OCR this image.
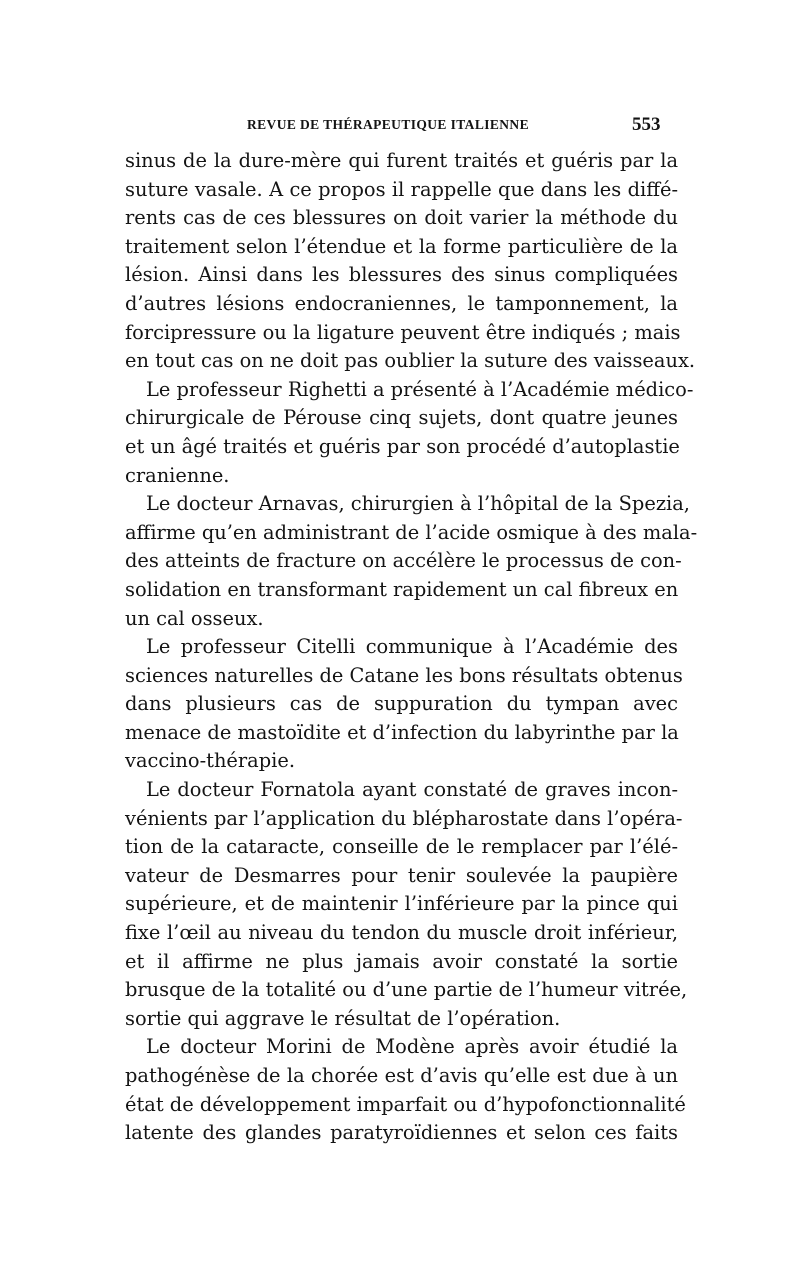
REVUE DE THÉRAPEUTIQUE ITALIENNE	553
sinus de la dure-mère qui furent traités et guéris par la
suture vasale. A ce propos il rappelle que dans les diffé-
rents cas de ces blessures on doit varier la méthode du
traitement selon l’étendue et la forme particulière de la
lésion. Ainsi dans les blessures des sinus compliquées
d’autres lésions endocraniennes, le tamponnement, la
forcipressure ou la ligature peuvent être indiqués ; mais
en tout cas on ne doit pas oublier la suture des vaisseaux.
Le professeur Righetti a présenté à l’Académie médico-
chirurgicale de Pérouse cinq sujets, dont quatre jeunes
et un âgé traités et guéris par son procédé d’autoplastie
cranienne.
Le docteur Arnavas, chirurgien à l’hôpital de la Spezia,
affirme qu’en administrant de l’acide osmique à des mala-
des atteints de fracture on accélère le processus de con-
solidation en transformant rapidement un cal fibreux en
un cal osseux.
Le professeur Citelli communique à l’Académie des
sciences naturelles de Catane les bons résultats obtenus
dans plusieurs cas de suppuration du tympan avec
menace de mastoïdite et d’infection du labyrinthe par la
vaccino-thérapie.
Le docteur Fornatola ayant constaté de graves incon-
vénients par l’application du blépharostate dans l’opéra-
tion de la cataracte, conseille de le remplacer par l’élé-
vateur de Desmarres pour tenir soulevée la paupière
supérieure, et de maintenir l’inférieure par la pince qui
fixe l’œil au niveau du tendon du muscle droit inférieur,
et il affirme ne plus jamais avoir constaté la sortie
brusque de la totalité ou d’une partie de l’humeur vitrée,
sortie qui aggrave le résultat de l’opération.
Le docteur Morini de Modène après avoir étudié la
pathogénèse de la chorée est d’avis qu’elle est due à un
état de développement imparfait ou d’hypofonctionnalité
latente des glandes paratyroïdiennes et selon ces faits
